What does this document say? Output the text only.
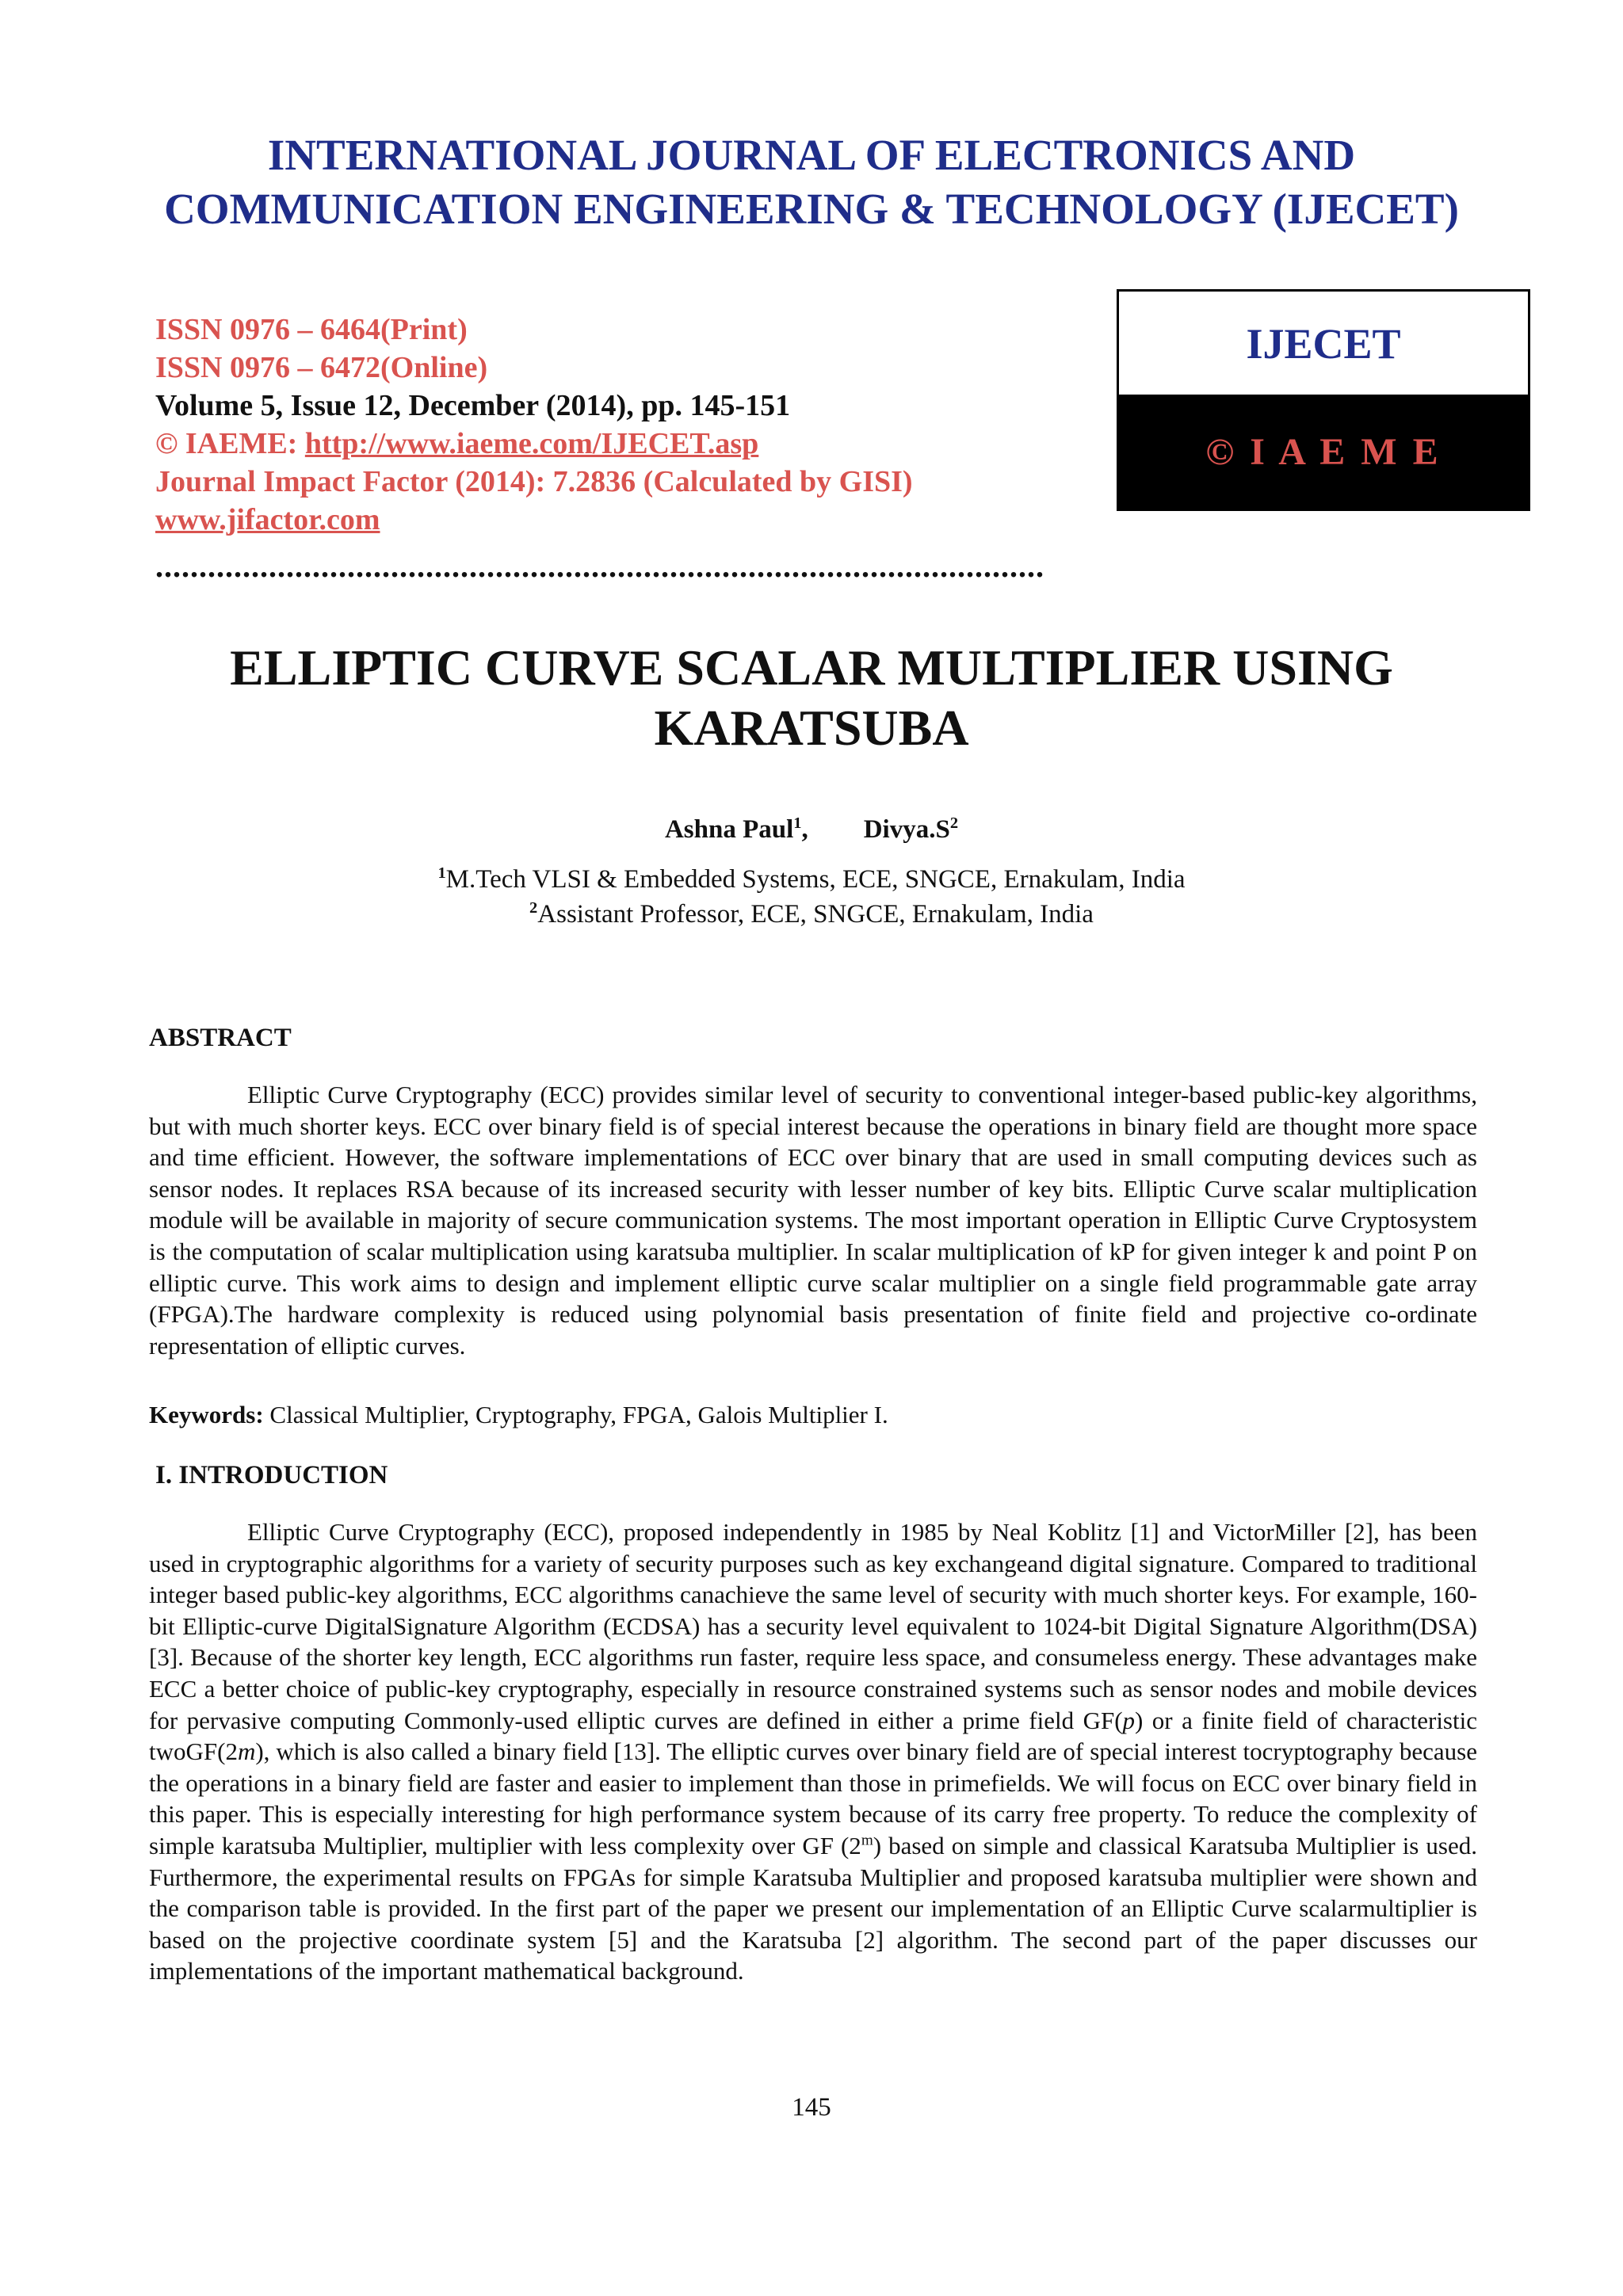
INTERNATIONAL JOURNAL OF ELECTRONICS AND
COMMUNICATION ENGINEERING & TECHNOLOGY (IJECET)
ISSN 0976 – 6464(Print)
ISSN 0976 – 6472(Online)
Volume 5, Issue 12, December (2014), pp. 145-151
© IAEME: http://www.iaeme.com/IJECET.asp
Journal Impact Factor (2014): 7.2836 (Calculated by GISI)
www.jifactor.com
IJECET
© I A E M E
......................................................................................................
ELLIPTIC CURVE SCALAR MULTIPLIER USING
KARATSUBA
Ashna Paul$^1$, $Divya.S^2$
$^1$M.Tech VLSI & Embedded Systems, ECE, SNGCE, Ernakulam, India
$^2$Assistant Professor, ECE, SNGCE, Ernakulam, India
ABSTRACT

Elliptic Curve Cryptography (ECC) provides similar level of security to conventional integer-based public-key algorithms, but with much shorter keys. ECC over binary field is of special interest because the operations in binary field are thought more space and time efficient. However, the software implementations of ECC over binary that are used in small computing devices such as sensor nodes. It replaces RSA because of its increased security with lesser number of key bits. Elliptic Curve scalar multiplication module will be available in majority of secure communication systems. The most important operation in Elliptic Curve Cryptosystem is the computation of scalar multiplication using karatsuba multiplier. In scalar multiplication of kP for given integer k and point P on elliptic curve. This work aims to design and implement elliptic curve scalar multiplier on a single field programmable gate array (FPGA).The hardware complexity is reduced using polynomial basis presentation of finite field and projective co-ordinate representation of elliptic curves.

Keywords: Classical Multiplier, Cryptography, FPGA, Galois Multiplier I.
I. INTRODUCTION

Elliptic Curve Cryptography (ECC), proposed independently in 1985 by Neal Koblitz [1] and VictorMiller [2], has been used in cryptographic algorithms for a variety of security purposes such as key exchangeand digital signature. Compared to traditional integer based public-key algorithms, ECC algorithms canachieve the same level of security with much shorter keys. For example, 160-bit Elliptic-curve DigitalSignature Algorithm (ECDSA) has a security level equivalent to 1024-bit Digital Signature Algorithm(DSA) [3]. Because of the shorter key length, ECC algorithms run faster, require less space, and consumeless energy. These advantages make ECC a better choice of public-key cryptography, especially in resource constrained systems such as sensor nodes and mobile devices for pervasive computing Commonly-used elliptic curves are defined in either a prime field GF(p) or a finite field of characteristic twoGF(2m), which is also called a binary field [13]. The elliptic curves over binary field are of special interest tocryptography because the operations in a binary field are faster and easier to implement than those in primefields. We will focus on ECC over binary field in this paper. This is especially interesting for high performance system because of its carry free property. To reduce the complexity of simple karatsuba Multiplier, multiplier with less complexity over GF (2$^m$) based on simple and classical Karatsuba Multiplier is used. Furthermore, the experimental results on FPGAs for simple Karatsuba Multiplier and proposed karatsuba multiplier were shown and the comparison table is provided. In the first part of the paper we present our implementation of an Elliptic Curve scalarmultiplier is based on the projective coordinate system [5] and the Karatsuba [2] algorithm. The second part of the paper discusses our implementations of the important mathematical background.

145
